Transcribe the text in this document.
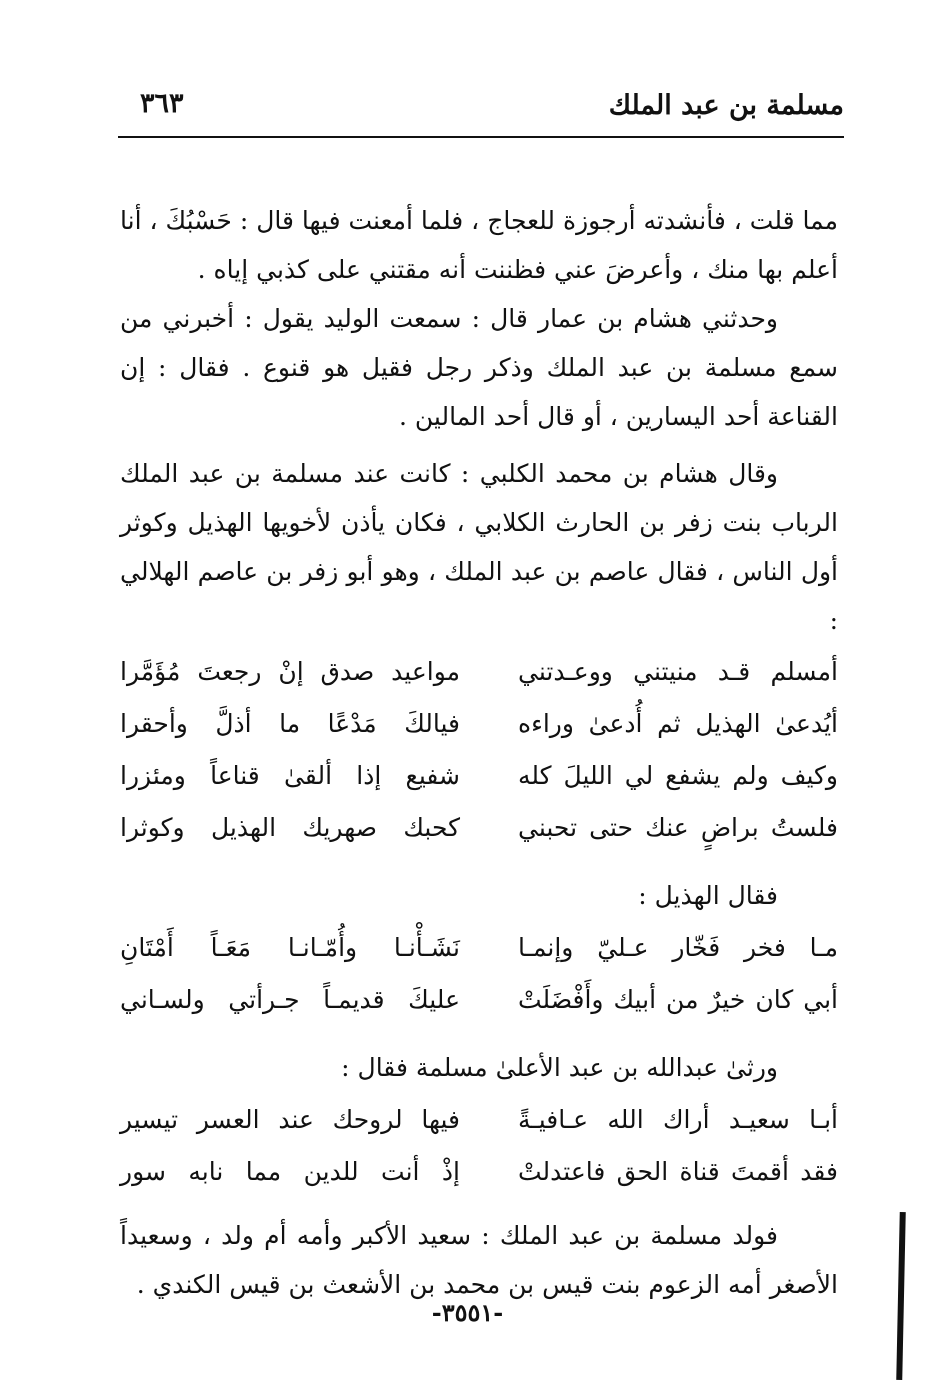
مسلمة بن عبد الملك
٣٦٣

مما قلت ، فأنشدته أرجوزة للعجاج ، فلما أمعنت فيها قال : حَسْبُكَ ، أنا أعلم بها منك ، وأعرضَ عني فظننت أنه مقتني على كذبي إياه .

وحدثني هشام بن عمار قال : سمعت الوليد يقول : أخبرني من سمع مسلمة بن عبد الملك وذكر رجل فقيل هو قنوع . فقال : إن القناعة أحد اليسارين ، أو قال أحد المالين .

وقال هشام بن محمد الكلبي : كانت عند مسلمة بن عبد الملك الرباب بنت زفر بن الحارث الكلابي ، فكان يأذن لأخويها الهذيل وكوثر أول الناس ، فقال عاصم بن عبد الملك ، وهو أبو زفر بن عاصم الهلالي :

أمسلم قـد منيتني ووعـدتني
مواعيد صدق إنْ رجعتَ مُؤَمَّرا
أيُدعىٰ الهذيل ثم أُدعىٰ وراءه
فيالكَ مَدْعًا ما أذلَّ وأحقرا
وكيف ولم يشفع لي الليلَ كله
شفيع إذا ألقىٰ قناعاً ومئزرا
فلستُ براضٍ عنك حتى تحبني
كحبك صهريك الهذيل وكوثرا

فقال الهذيل :

مـا فخر فَخّار عـليّ وإنمـا
نَشَـأْنـا وأُمّـانـا مَعَـاً أَمْتَانِ
أبي كان خيرٌ من أبيك وأَفْضَلَتْ
عليكَ قديمـاً جـرأتي ولسـاني

ورثىٰ عبدالله بن عبد الأعلىٰ مسلمة فقال :

أبـا سعيـد أراك الله عـافيـةً
فيها لروحك عند العسر تيسير
فقد أقمتَ قناة الحق فاعتدلتْ
إذْ أنت للدين مما نابه سور

فولد مسلمة بن عبد الملك : سعيد الأكبر وأمه أم ولد ، وسعيداً الأصغر أمه الزعوم بنت قيس بن محمد بن الأشعث بن قيس الكندي .

-٣٥٥١-
